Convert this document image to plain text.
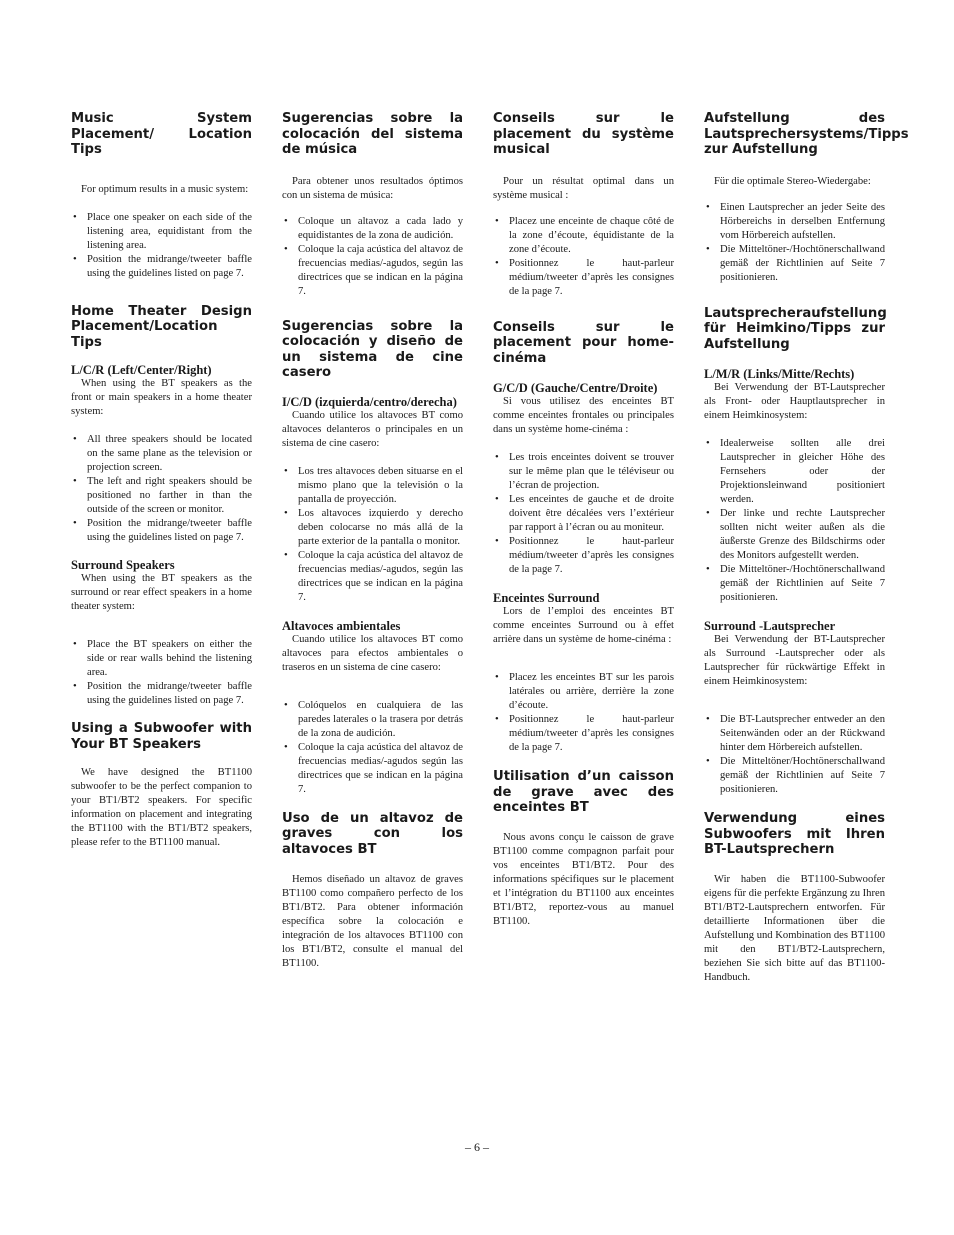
Music System Placement/ Location Tips

For optimum results in a music system:

• Place one speaker on each side of the listening area, equidistant from the listening area.
• Position the midrange/tweeter baffle using the guidelines listed on page 7.
Home Theater Design Placement/Location Tips
L/C/R (Left/Center/Right)

When using the BT speakers as the front or main speakers in a home theater system:

• All three speakers should be located on the same plane as the television or projection screen.
• The left and right speakers should be positioned no farther in than the outside of the screen or monitor.
• Position the midrange/tweeter baffle using the guidelines listed on page 7.
Surround Speakers

When using the BT speakers as the surround or rear effect speakers in a home theater system:

• Place the BT speakers on either the side or rear walls behind the listening area.
• Position the midrange/tweeter baffle using the guidelines listed on page 7.
Using a Subwoofer with Your BT Speakers

We have designed the BT1100 subwoofer to be the perfect companion to your BT1/BT2 speakers. For specific information on placement and integrating the BT1100 with the BT1/BT2 speakers, please refer to the BT1100 manual.

Sugerencias sobre la colocación del sistema de música

Para obtener unos resultados óptimos con un sistema de música:

• Coloque un altavoz a cada lado y equidistantes de la zona de audición.
• Coloque la caja acústica del altavoz de frecuencias medias/-agudos, según las directrices que se indican en la página 7.
Sugerencias sobre la colocación y diseño de un sistema de cine casero
I/C/D (izquierda/centro/derecha)

Cuando utilice los altavoces BT como altavoces delanteros o principales en un sistema de cine casero:

• Los tres altavoces deben situarse en el mismo plano que la televisión o la pantalla de proyección.
• Los altavoces izquierdo y derecho deben colocarse no más allá de la parte exterior de la pantalla o monitor.
• Coloque la caja acústica del altavoz de frecuencias medias/-agudos, según las directrices que se indican en la página 7.
Altavoces ambientales

Cuando utilice los altavoces BT como altavoces para efectos ambientales o traseros en un sistema de cine casero:

• Colóquelos en cualquiera de las paredes laterales o la trasera por detrás de la zona de audición.
• Coloque la caja acústica del altavoz de frecuencias medias/-agudos según las directrices que se indican en la página 7.
Uso de un altavoz de graves con los altavoces BT

Hemos diseñado un altavoz de graves BT1100 como compañero perfecto de los BT1/BT2. Para obtener información específica sobre la colocación e integración de los altavoces BT1100 con los BT1/BT2, consulte el manual del BT1100.

Conseils sur le placement du système musical

Pour un résultat optimal dans un système musical :

• Placez une enceinte de chaque côté de la zone d’écoute, équidistante de la zone d’écoute.
• Positionnez le haut-parleur médium/tweeter d’après les consignes de la page 7.
Conseils sur le placement pour home-cinéma
G/C/D (Gauche/Centre/Droite)

Si vous utilisez des enceintes BT comme enceintes frontales ou principales dans un système home-cinéma :

• Les trois enceintes doivent se trouver sur le même plan que le téléviseur ou l’écran de projection.
• Les enceintes de gauche et de droite doivent être décalées vers l’extérieur par rapport à l’écran ou au moniteur.
• Positionnez le haut-parleur médium/tweeter d’après les consignes de la page 7.
Enceintes Surround

Lors de l’emploi des enceintes BT comme enceintes Surround ou à effet arrière dans un système de home-cinéma :

• Placez les enceintes BT sur les parois latérales ou arrière, derrière la zone d’écoute.
• Positionnez le haut-parleur médium/tweeter d’après les consignes de la page 7.
Utilisation d’un caisson de grave avec des enceintes BT

Nous avons conçu le caisson de grave BT1100 comme compagnon parfait pour vos enceintes BT1/BT2. Pour des informations spécifiques sur le placement et l’intégration du BT1100 aux enceintes BT1/BT2, reportez-vous au manuel BT1100.

Aufstellung des Lautsprechersystems/Tipps zur Aufstellung

Für die optimale Stereo-Wiedergabe:

• Einen Lautsprecher an jeder Seite des Hörbereichs in derselben Entfernung vom Hörbereich aufstellen.
• Die Mitteltöner-/Hochtönerschallwand gemäß der Richtlinien auf Seite 7 positionieren.
Lautsprecheraufstellung für Heimkino/Tipps zur Aufstellung
L/M/R (Links/Mitte/Rechts)

Bei Verwendung der BT-Lautsprecher als Front- oder Hauptlautsprecher in einem Heimkinosystem:

• Idealerweise sollten alle drei Lautsprecher in gleicher Höhe des Fernsehers oder der Projektionsleinwand positioniert werden.
• Der linke und rechte Lautsprecher sollten nicht weiter außen als die äußerste Grenze des Bildschirms oder des Monitors aufgestellt werden.
• Die Mitteltöner-/Hochtönerschallwand gemäß der Richtlinien auf Seite 7 positionieren.
Surround -Lautsprecher

Bei Verwendung der BT-Lautsprecher als Surround -Lautsprecher oder als Lautsprecher für rückwärtige Effekt in einem Heimkinosystem:

• Die BT-Lautsprecher entweder an den Seitenwänden oder an der Rückwand hinter dem Hörbereich aufstellen.
• Die Mitteltöner/Hochtönerschallwand gemäß der Richtlinien auf Seite 7 positionieren.
Verwendung eines Subwoofers mit Ihren BT-Lautsprechern

Wir haben die BT1100-Subwoofer eigens für die perfekte Ergänzung zu Ihren BT1/BT2-Lautsprechern entworfen. Für detaillierte Informationen über die Aufstellung und Kombination des BT1100 mit den BT1/BT2-Lautsprechern, beziehen Sie sich bitte auf das BT1100-Handbuch.

– 6 –
